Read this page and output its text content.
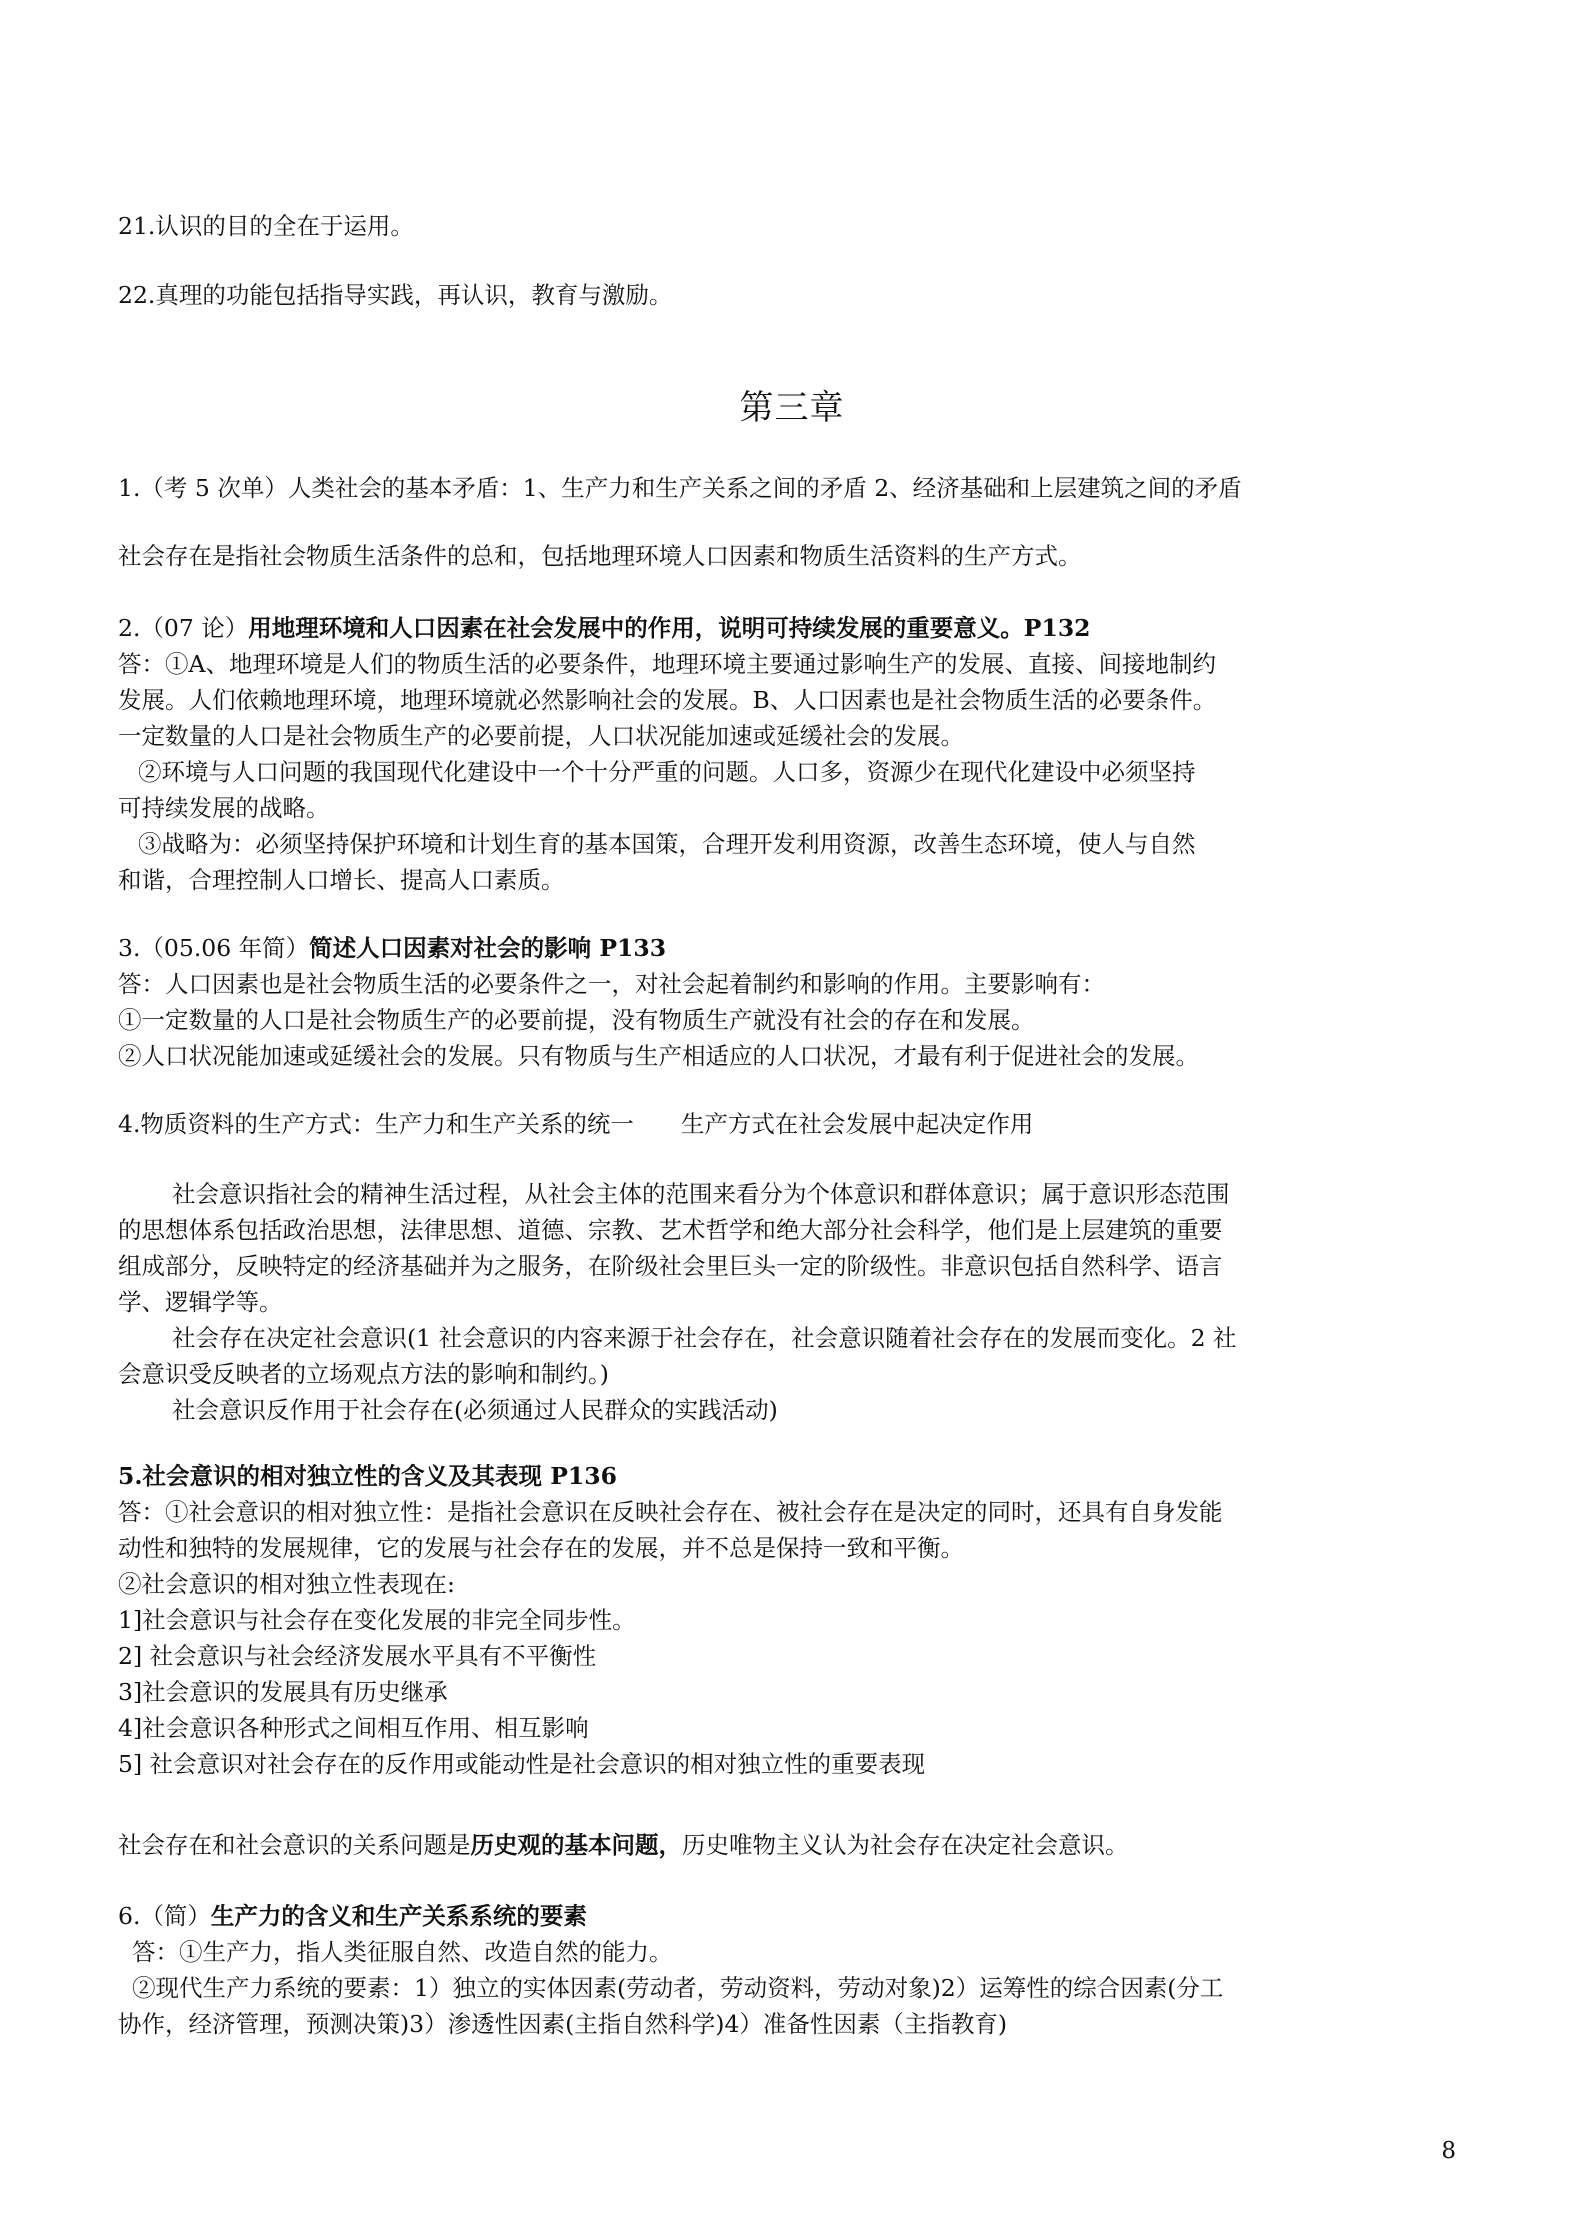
21.认识的目的全在于运用。

22.真理的功能包括指导实践，再认识，教育与激励。

第三章

1.（考 5 次单）人类社会的基本矛盾：1、生产力和生产关系之间的矛盾 2、经济基础和上层建筑之间的矛盾

社会存在是指社会物质生活条件的总和，包括地理环境人口因素和物质生活资料的生产方式。

2.（07 论）用地理环境和人口因素在社会发展中的作用，说明可持续发展的重要意义。P132

答：①A、地理环境是人们的物质生活的必要条件，地理环境主要通过影响生产的发展、直接、间接地制约

发展。人们依赖地理环境，地理环境就必然影响社会的发展。B、人口因素也是社会物质生活的必要条件。

一定数量的人口是社会物质生产的必要前提，人口状况能加速或延缓社会的发展。

②环境与人口问题的我国现代化建设中一个十分严重的问题。人口多，资源少在现代化建设中必须坚持

可持续发展的战略。

③战略为：必须坚持保护环境和计划生育的基本国策，合理开发利用资源，改善生态环境，使人与自然

和谐，合理控制人口增长、提高人口素质。

3.（05.06 年简）简述人口因素对社会的影响 P133

答：人口因素也是社会物质生活的必要条件之一，对社会起着制约和影响的作用。主要影响有：

①一定数量的人口是社会物质生产的必要前提，没有物质生产就没有社会的存在和发展。

②人口状况能加速或延缓社会的发展。只有物质与生产相适应的人口状况，才最有利于促进社会的发展。

4.物质资料的生产方式：生产力和生产关系的统一　　生产方式在社会发展中起决定作用

社会意识指社会的精神生活过程，从社会主体的范围来看分为个体意识和群体意识；属于意识形态范围

的思想体系包括政治思想，法律思想、道德、宗教、艺术哲学和绝大部分社会科学，他们是上层建筑的重要

组成部分，反映特定的经济基础并为之服务，在阶级社会里巨头一定的阶级性。非意识包括自然科学、语言

学、逻辑学等。

社会存在决定社会意识(1 社会意识的内容来源于社会存在，社会意识随着社会存在的发展而变化。2 社

会意识受反映者的立场观点方法的影响和制约。)

社会意识反作用于社会存在(必须通过人民群众的实践活动)

5.社会意识的相对独立性的含义及其表现 P136

答：①社会意识的相对独立性：是指社会意识在反映社会存在、被社会存在是决定的同时，还具有自身发能

动性和独特的发展规律，它的发展与社会存在的发展，并不总是保持一致和平衡。

②社会意识的相对独立性表现在:

1]社会意识与社会存在变化发展的非完全同步性。

2] 社会意识与社会经济发展水平具有不平衡性

3]社会意识的发展具有历史继承

4]社会意识各种形式之间相互作用、相互影响

5] 社会意识对社会存在的反作用或能动性是社会意识的相对独立性的重要表现

社会存在和社会意识的关系问题是历史观的基本问题，历史唯物主义认为社会存在决定社会意识。

6.（简）生产力的含义和生产关系系统的要素

答：①生产力，指人类征服自然、改造自然的能力。

②现代生产力系统的要素：1）独立的实体因素(劳动者，劳动资料，劳动对象)2）运筹性的综合因素(分工

协作，经济管理，预测决策)3）渗透性因素(主指自然科学)4）准备性因素（主指教育)

8
